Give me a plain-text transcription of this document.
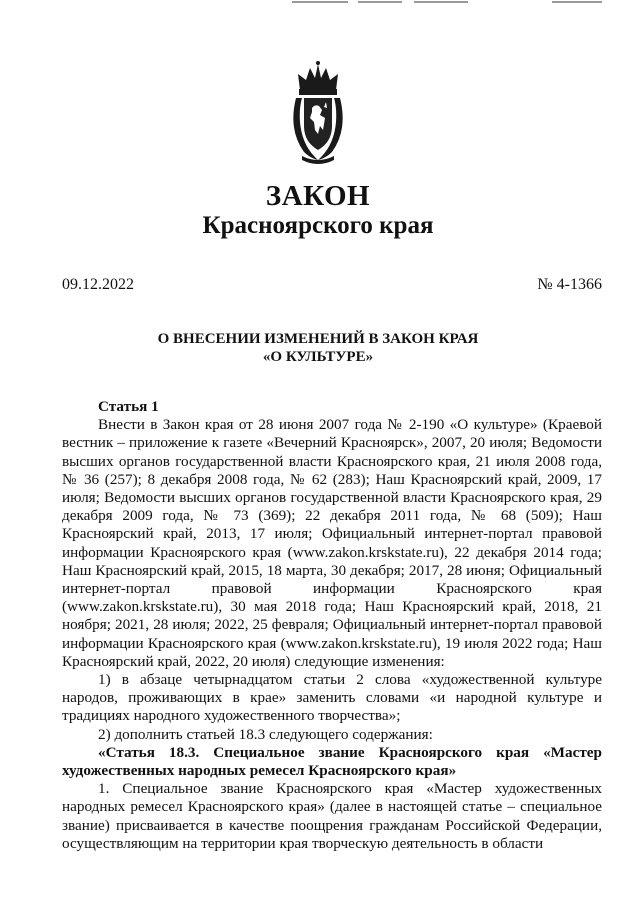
ЗАКОН
Красноярского края
09.12.2022	№ 4-1366
О ВНЕСЕНИИ ИЗМЕНЕНИЙ В ЗАКОН КРАЯ
«О КУЛЬТУРЕ»
Статья 1

Внести в Закон края от 28 июня 2007 года № 2-190 «О культуре» (Краевой вестник – приложение к газете «Вечерний Красноярск», 2007, 20 июля; Ведомости высших органов государственной власти Красноярского края, 21 июля 2008 года, № 36 (257); 8 декабря 2008 года, № 62 (283); Наш Красноярский край, 2009, 17 июля; Ведомости высших органов государственной власти Красноярского края, 29 декабря 2009 года, № 73 (369); 22 декабря 2011 года, № 68 (509); Наш Красноярский край, 2013, 17 июля; Официальный интернет-портал правовой информации Красноярского края (www.zakon.krskstate.ru), 22 декабря 2014 года; Наш Красноярский край, 2015, 18 марта, 30 декабря; 2017, 28 июня; Официальный интернет-портал правовой информации Красноярского края (www.zakon.krskstate.ru), 30 мая 2018 года; Наш Красноярский край, 2018, 21 ноября; 2021, 28 июля; 2022, 25 февраля; Официальный интернет-портал правовой информации Красноярского края (www.zakon.krskstate.ru), 19 июля 2022 года; Наш Красноярский край, 2022, 20 июля) следующие изменения:

1) в абзаце четырнадцатом статьи 2 слова «художественной культуре народов, проживающих в крае» заменить словами «и народной культуре и традициях народного художественного творчества»;

2) дополнить статьей 18.3 следующего содержания:

«Статья 18.3. Специальное звание Красноярского края «Мастер художественных народных ремесел Красноярского края»

1. Специальное звание Красноярского края «Мастер художественных народных ремесел Красноярского края» (далее в настоящей статье – специальное звание) присваивается в качестве поощрения гражданам Российской Федерации, осуществляющим на территории края творческую деятельность в области
